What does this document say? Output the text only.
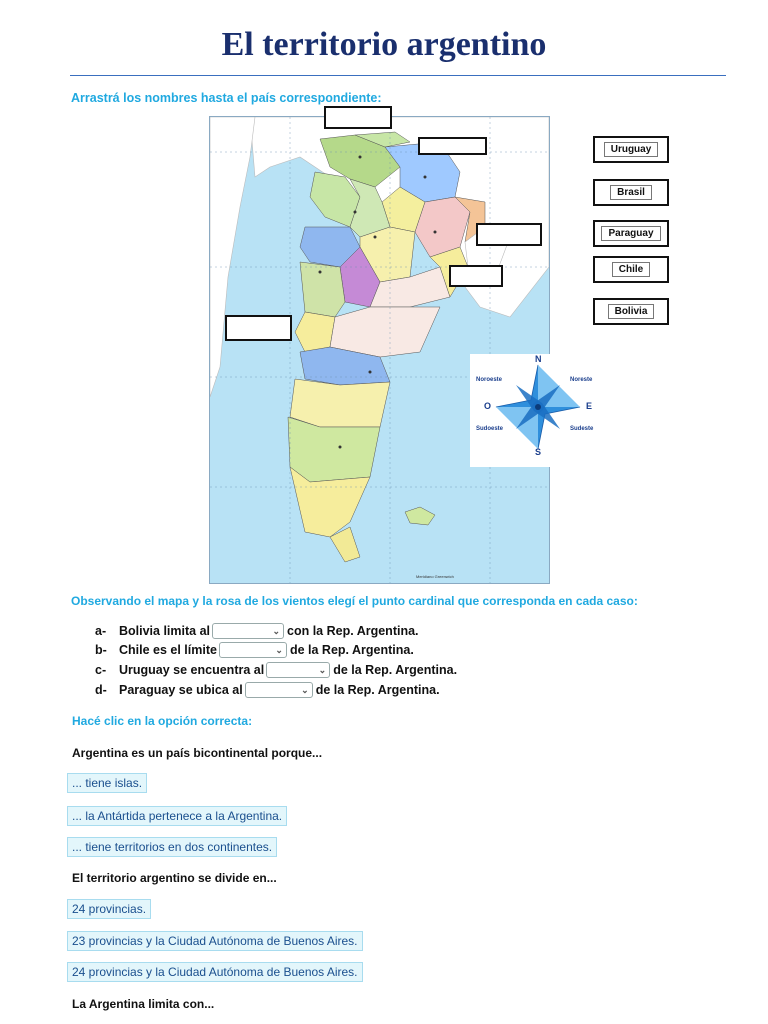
El territorio argentino
Arrastrá los nombres hasta el país correspondiente:
Meridiano Greenwich
N
S
E
O
Noroeste	Noreste
Sudoeste	Sudeste
Uruguay
Brasil
Paraguay
Chile
Bolivia
Observando el mapa y la rosa de los vientos elegí el punto cardinal que corresponda en cada caso:
a-	Bolivia limita al	⌄ con la Rep. Argentina.
b- Chile es el límite	⌄ de la Rep. Argentina.
c-	Uruguay se encuentra al	⌄ de la Rep. Argentina.
d- Paraguay se ubica al	⌄ de la Rep. Argentina.
Hacé clic en la opción correcta:
Argentina es un país bicontinental porque...
... tiene islas.
... la Antártida pertenece a la Argentina.
... tiene territorios en dos continentes.
El territorio argentino se divide en...
24 provincias.
23 provincias y la Ciudad Autónoma de Buenos Aires.
24 provincias y la Ciudad Autónoma de Buenos Aires.
La Argentina limita con...
